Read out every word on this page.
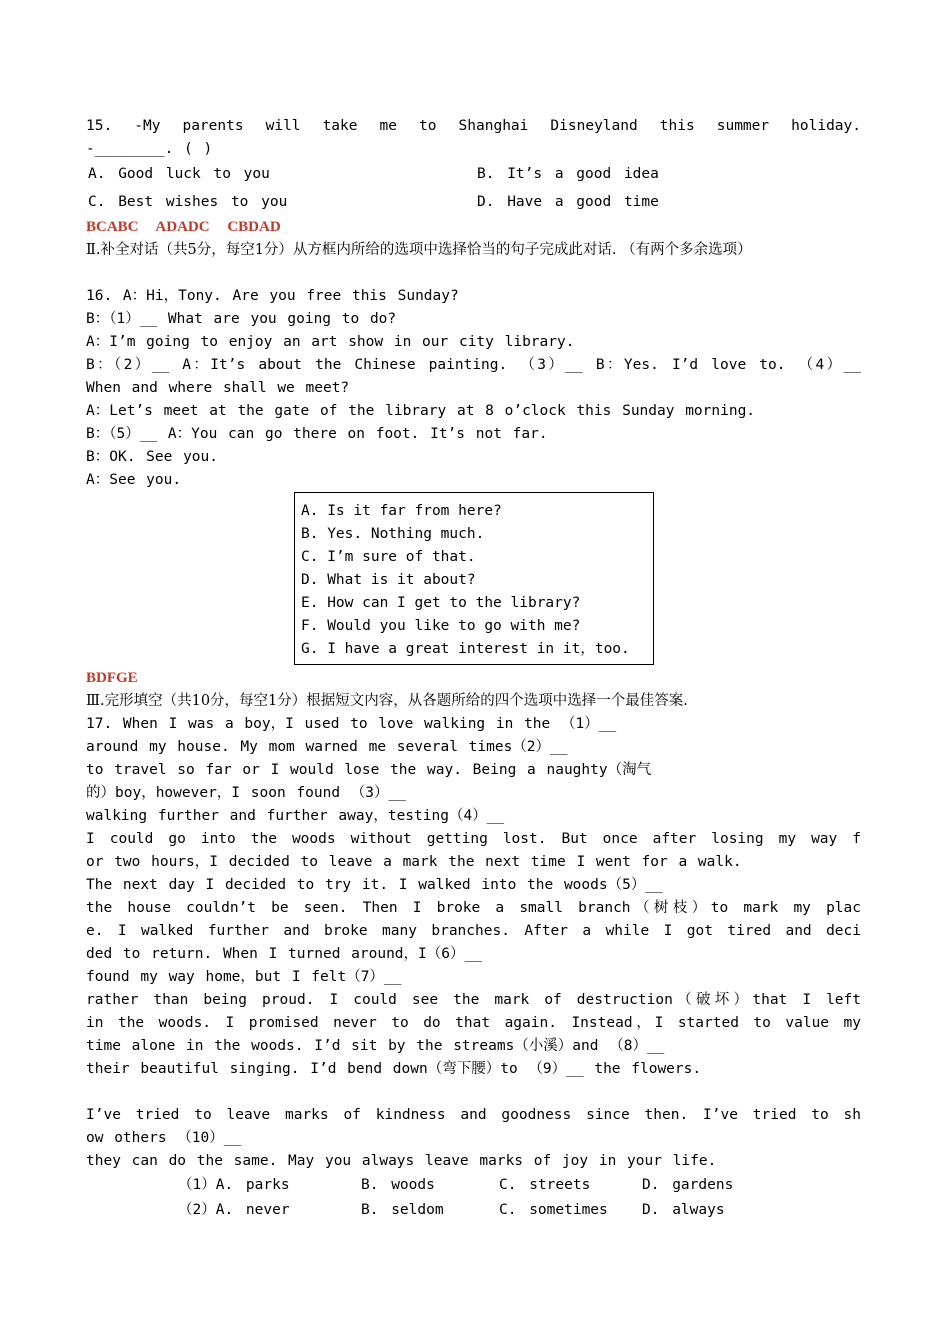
15. -My parents will take me to Shanghai Disneyland this summer holiday.
-________. ( )
A. Good luck to you	B. It’s a good idea
C. Best wishes to you	D. Have a good time
BCABC ADADC CBDAD
Ⅱ.补全对话（共5分，每空1分）从方框内所给的选项中选择恰当的句子完成此对话. （有两个多余选项）
16. A：Hi，Tony. Are you free this Sunday?
B：（1）__ What are you going to do?
A：I’m going to enjoy an art show in our city library.
B：（2）__ A：It’s about the Chinese painting. （3）__ B：Yes. I’d love to. （4）__
When and where shall we meet?
A：Let’s meet at the gate of the library at 8 o’clock this Sunday morning.
B：（5）__ A：You can go there on foot. It’s not far.
B：OK. See you.
A：See you.
A. Is it far from here?
B. Yes. Nothing much.
C. I’m sure of that.
D. What is it about?
E. How can I get to the library?
F. Would you like to go with me?
G. I have a great interest in it，too.
BDFGE
Ⅲ.完形填空（共10分，每空1分）根据短文内容，从各题所给的四个选项中选择一个最佳答案.
17. When I was a boy，I used to love walking in the （1）__
around my house. My mom warned me several times（2）__
to travel so far or I would lose the way. Being a naughty（淘气
的）boy，however，I soon found （3）__
walking further and further away，testing（4）__
I could go into the woods without getting lost. But once after losing my way f
or two hours，I decided to leave a mark the next time I went for a walk.
The next day I decided to try it. I walked into the woods（5）__
the house couldn’t be seen. Then I broke a small branch（树枝）to mark my plac
e. I walked further and broke many branches. After a while I got tired and deci
ded to return. When I turned around，I（6）__
found my way home，but I felt（7）__
rather than being proud. I could see the mark of destruction（破坏）that I left
in the woods. I promised never to do that again. Instead，I started to value my
time alone in the woods. I’d sit by the streams（小溪）and （8）__
their beautiful singing. I’d bend down（弯下腰）to （9）__ the flowers.
I’ve tried to leave marks of kindness and goodness since then. I’ve tried to sh
ow others （10）__
they can do the same. May you always leave marks of joy in your life.
（1）A. parks	B. woods	C. streets	D. gardens
（2）A. never	B. seldom	C. sometimes D. always
